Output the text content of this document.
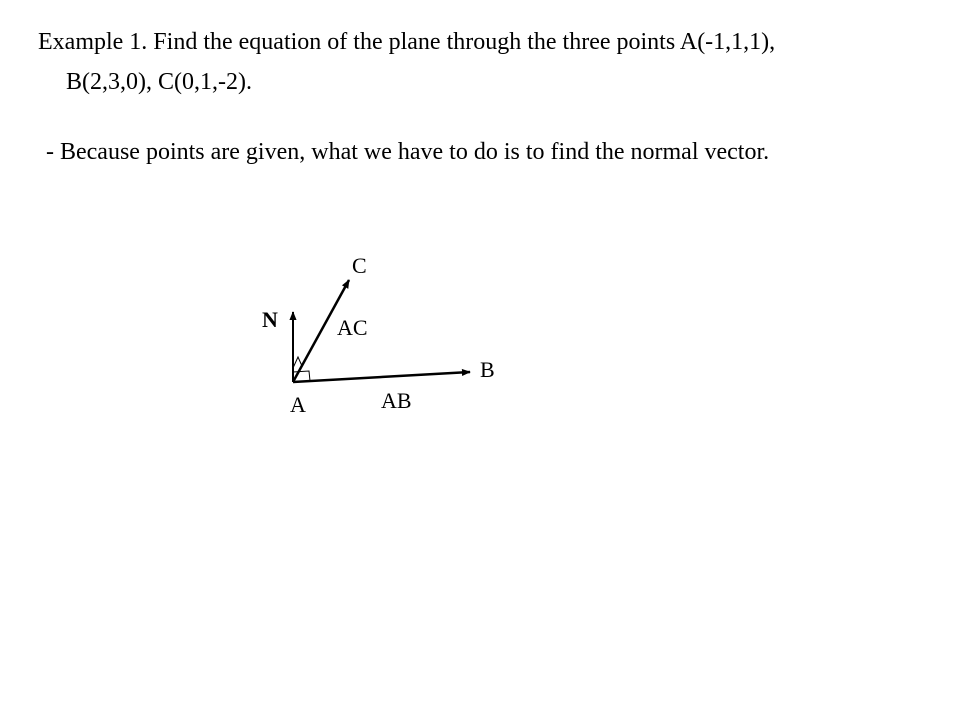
Example 1. Find the equation of the plane through the three points A(-1,1,1),
B(2,3,0), C(0,1,-2).
- Because points are given, what we have to do is to find the normal vector.
C
N	AC
B
A	AB
